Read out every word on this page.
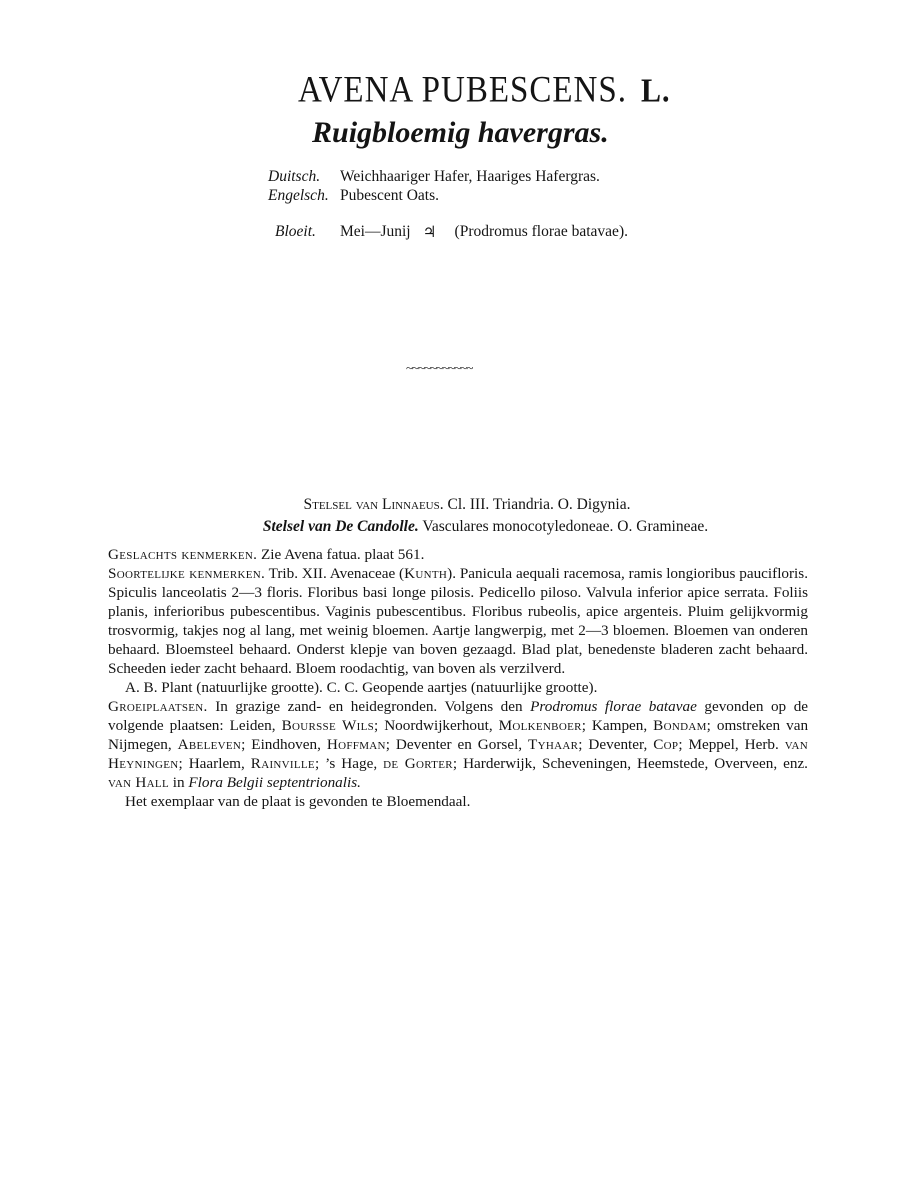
AVENA PUBESCENS. L.
Ruigbloemig havergras.
Duitsch.	Weichhaariger Hafer, Haariges Hafergras.
Engelsch. Pubescent Oats.
Bloeit.	Mei—Junij ♃ (Prodromus florae batavae).
~~~~~~~~~~~
Stelsel van Linnaeus. Cl. III. Triandria. O. Digynia.
Stelsel van De Candolle. Vasculares monocotyledoneae. O. Gramineae.

Geslachts kenmerken. Zie Avena fatua. plaat 561.

Soortelijke kenmerken. Trib. XII. Avenaceae (Kunth). Panicula aequali racemosa, ramis longioribus paucifloris. Spiculis lanceolatis 2—3 floris. Floribus basi longe pilosis. Pedicello piloso. Valvula inferior apice serrata. Foliis planis, inferioribus pubescentibus. Vaginis pubescentibus. Floribus rubeolis, apice argenteis. Pluim gelijkvormig trosvormig, takjes nog al lang, met weinig bloemen. Aartje langwerpig, met 2—3 bloemen. Bloemen van onderen behaard. Bloemsteel behaard. Onderst klepje van boven gezaagd. Blad plat, benedenste bladeren zacht behaard. Scheeden ieder zacht behaard. Bloem roodachtig, van boven als verzilverd.

A. B. Plant (natuurlijke grootte). C. C. Geopende aartjes (natuurlijke grootte).

Groeiplaatsen. In grazige zand- en heidegronden. Volgens den Prodromus florae batavae gevonden op de volgende plaatsen: Leiden, Boursse Wils; Noordwijkerhout, Molkenboer; Kampen, Bondam; omstreken van Nijmegen, Abeleven; Eindhoven, Hoffman; Deventer en Gorsel, Tyhaar; Deventer, Cop; Meppel, Herb. van Heyningen; Haarlem, Rainville; ’s Hage, de Gorter; Harderwijk, Scheveningen, Heemstede, Overveen, enz. van Hall in Flora Belgii septentrionalis.

Het exemplaar van de plaat is gevonden te Bloemendaal.
